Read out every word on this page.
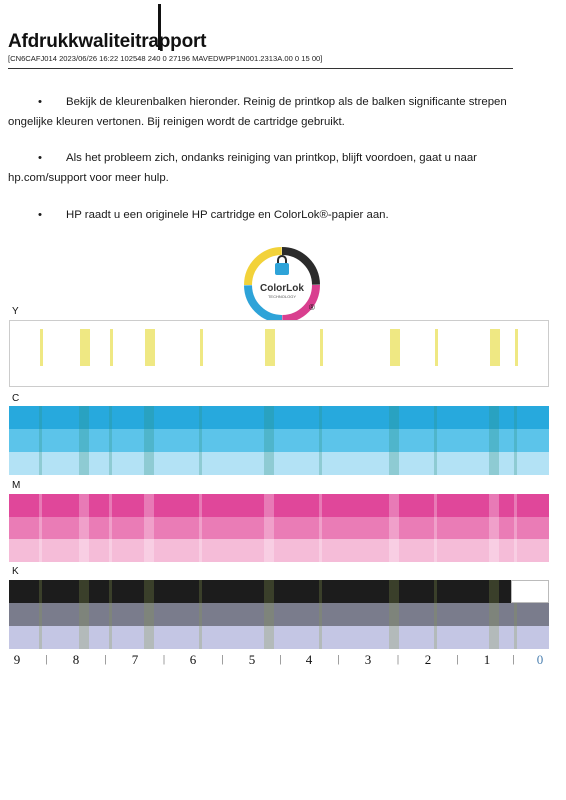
Afdrukkwaliteitrapport
[CN6CAFJ014 2023/06/26 16:22 102548 240 0 27196 MAVEDWPP1N001.2313A.00 0 15 00]
•	Bekijk de kleurenbalken hieronder. Reinig de printkop als de balken significante strepen
ongelijke kleuren vertonen. Bij reinigen wordt de cartridge gebruikt.
•	Als het probleem zich, ondanks reiniging van printkop, blijft voordoen, gaat u naar
hp.com/support voor meer hulp.
•	HP raadt u een originele HP cartridge en ColorLok®-papier aan.
ColorLok
TECHNOLOGY
®
Y
C
M
K
9	| 8	| 7 | 6	| 5 | 4	| 3	| 2	| 1 | 0
